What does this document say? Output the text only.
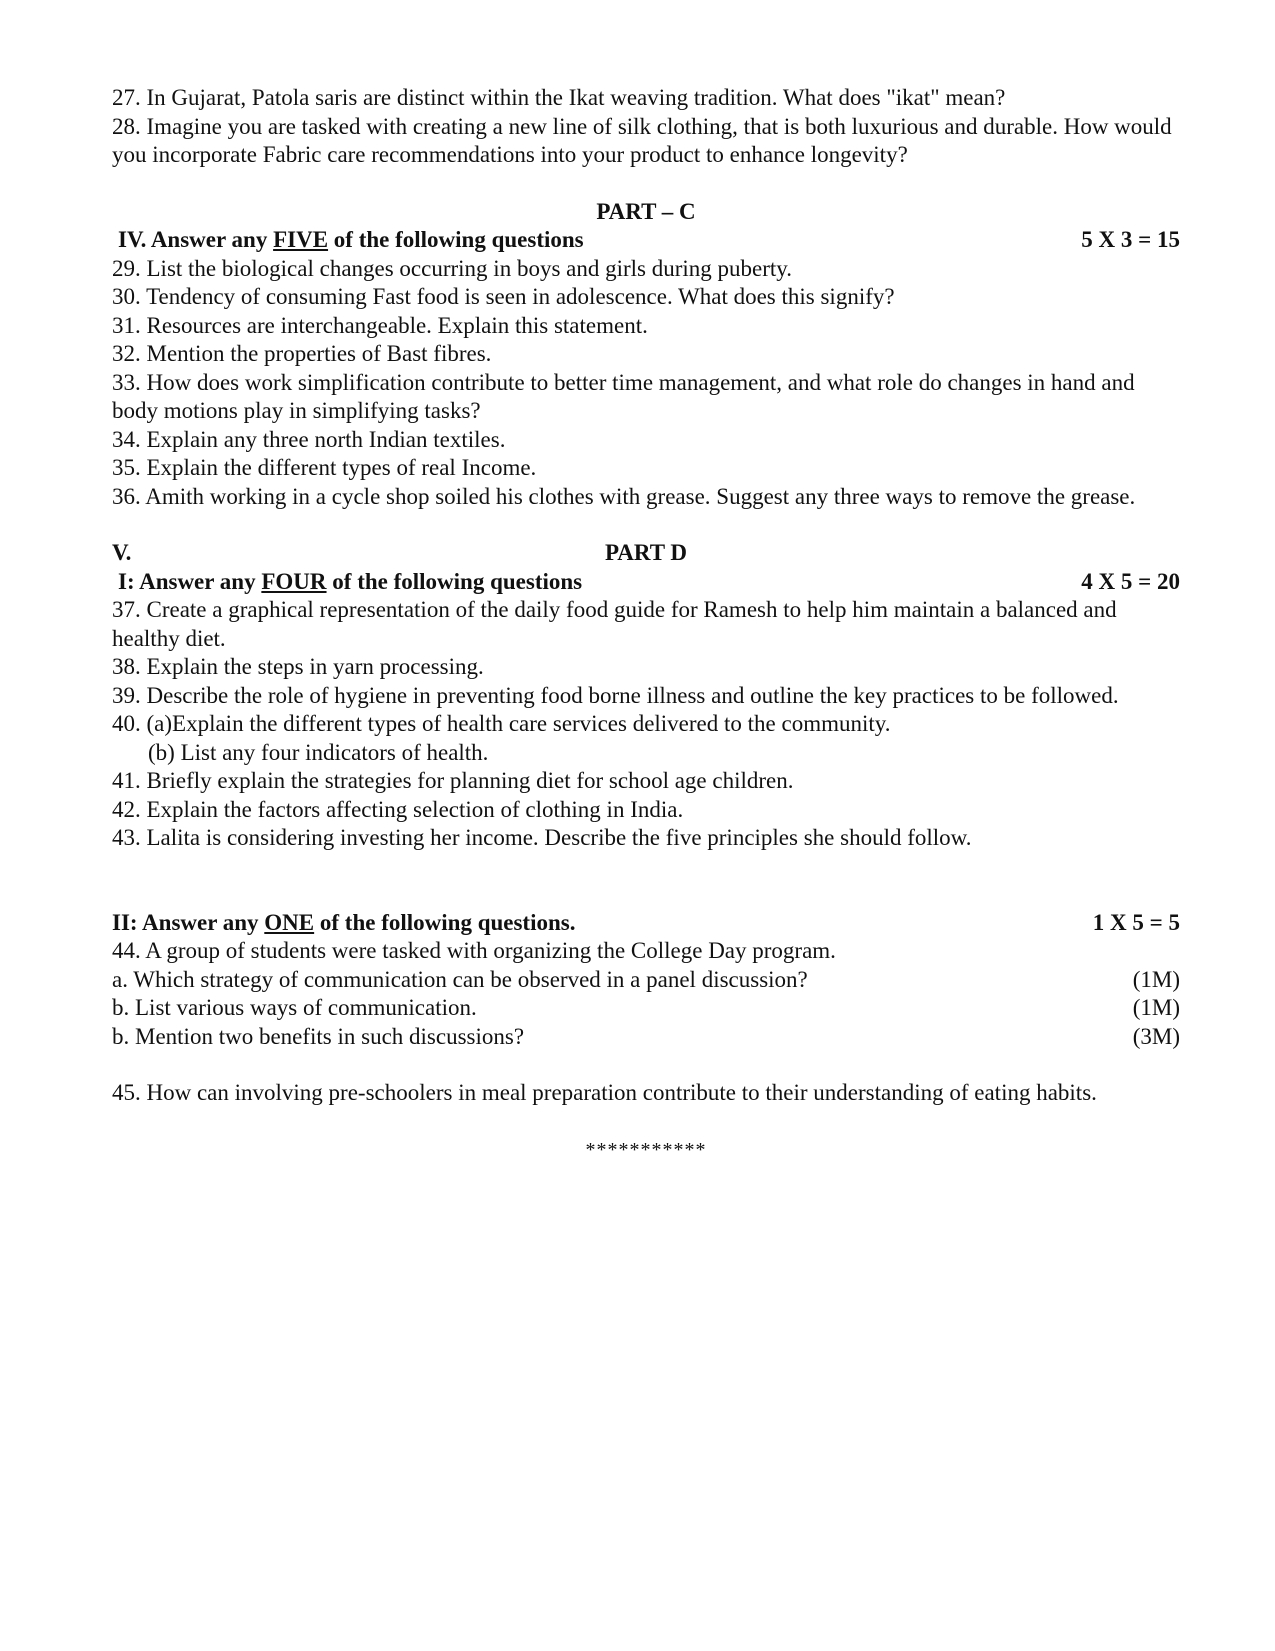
27. In Gujarat, Patola saris are distinct within the Ikat weaving tradition. What does "ikat" mean?

28. Imagine you are tasked with creating a new line of silk clothing, that is both luxurious and durable. How would you incorporate Fabric care recommendations into your product to enhance longevity?

PART – C

IV. Answer any FIVE of the following questions	5 X 3 = 15

29. List the biological changes occurring in boys and girls during puberty.

30. Tendency of consuming Fast food is seen in adolescence. What does this signify?

31. Resources are interchangeable. Explain this statement.

32. Mention the properties of Bast fibres.

33. How does work simplification contribute to better time management, and what role do changes in hand and body motions play in simplifying tasks?

34. Explain any three north Indian textiles.

35. Explain the different types of real Income.

36. Amith working in a cycle shop soiled his clothes with grease. Suggest any three ways to remove the grease.

V.	PART D
I: Answer any FOUR of the following questions	4 X 5 = 20

37. Create a graphical representation of the daily food guide for Ramesh to help him maintain a balanced and healthy diet.

38. Explain the steps in yarn processing.

39. Describe the role of hygiene in preventing food borne illness and outline the key practices to be followed.

40. (a)Explain the different types of health care services delivered to the community.

(b) List any four indicators of health.

41. Briefly explain the strategies for planning diet for school age children.

42. Explain the factors affecting selection of clothing in India.

43. Lalita is considering investing her income. Describe the five principles she should follow.

II: Answer any ONE of the following questions.	1 X 5 = 5

44. A group of students were tasked with organizing the College Day program.

a. Which strategy of communication can be observed in a panel discussion?	(1M)
b. List various ways of communication.	(1M)
b. Mention two benefits in such discussions?	(3M)

45. How can involving pre-schoolers in meal preparation contribute to their understanding of eating habits.

***********
